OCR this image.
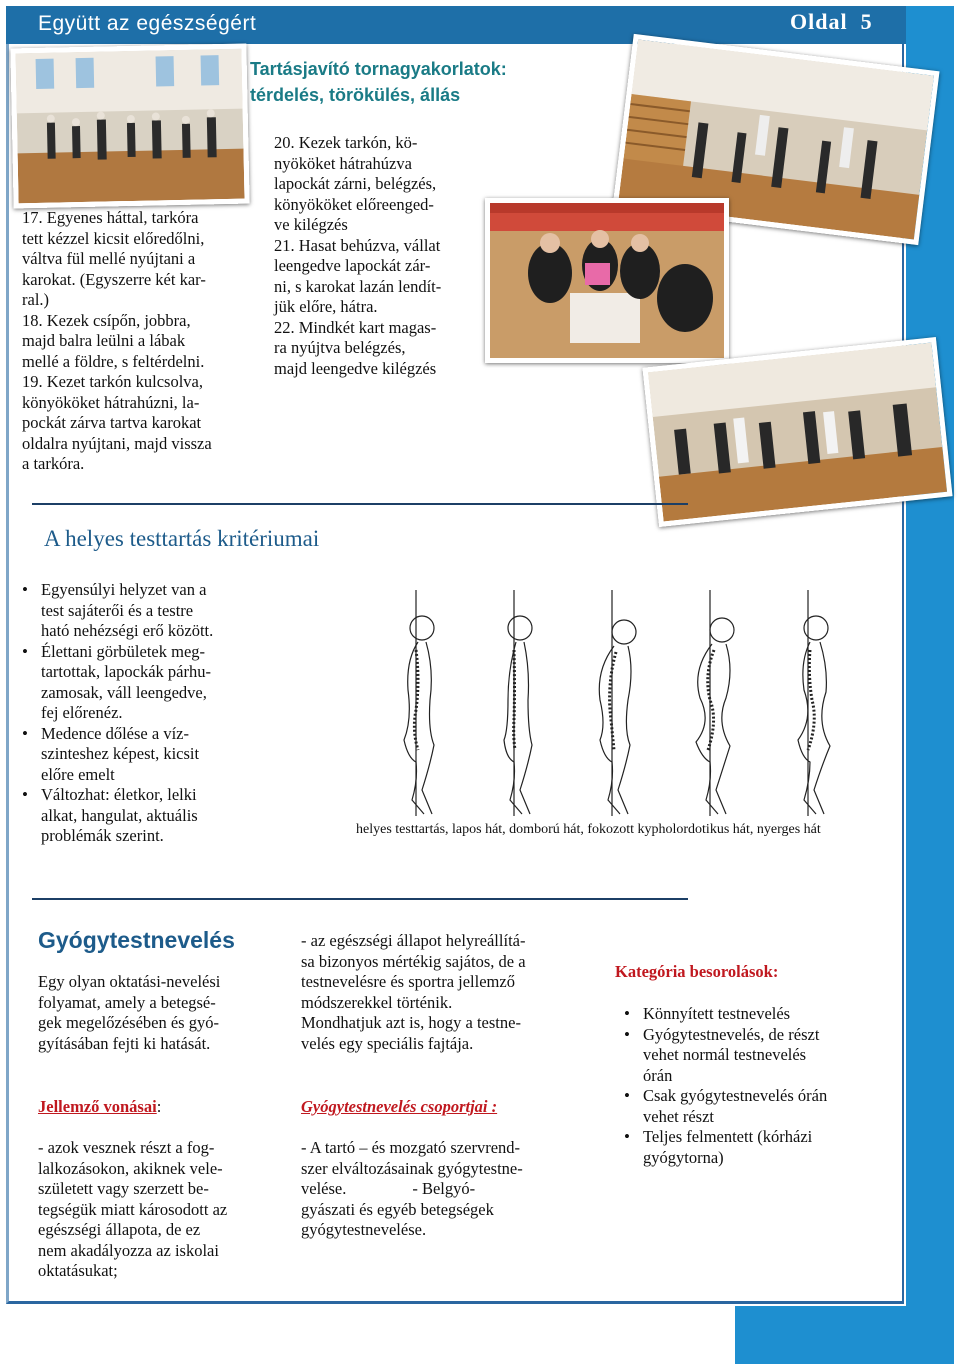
Együtt az egészségért	Oldal 5
Tartásjavító tornagyakorlatok:
térdelés, törökülés, állás

17. Egyenes háttal, tarkóra

tett kézzel kicsit előredőlni,

váltva fül mellé nyújtani a

karokat. (Egyszerre két kar-

ral.)

18. Kezek csípőn, jobbra,

majd balra leülni a lábak

mellé a földre, s feltérdelni.

19. Kezet tarkón kulcsolva,

könyököket hátrahúzni, la-

pockát zárva tartva karokat

oldalra nyújtani, majd vissza

a tarkóra.

20. Kezek tarkón, kö-

nyököket hátrahúzva

lapockát zárni, belégzés,

könyököket előreenged-

ve kilégzés

21. Hasat behúzva, vállat

leengedve lapockát zár-

ni, s karokat lazán lendít-

jük előre, hátra.

22. Mindkét kart magas-

ra nyújtva belégzés,

majd leengedve kilégzés

A helyes testtartás kritériumai

• Egyensúlyi helyzet van a

test sajáterői és a testre

ható nehézségi erő között.

• Élettani görbületek meg-

tartottak, lapockák párhu-

zamosak, váll leengedve,

fej előrenéz.

• Medence dőlése a víz-

szinteshez képest, kicsit

előre emelt

• Változhat: életkor, lelki

alkat, hangulat, aktuális

problémák szerint.	helyes testtartás, lapos hát, domború hát, fokozott kypholordotikus hát, nyerges hát
Gyógytestnevelés

Egy olyan oktatási-nevelési

folyamat, amely a betegsé-

gek megelőzésében és gyó-

gyításában fejti ki hatását.

Jellemző vonásai:

- azok vesznek részt a fog-

lalkozásokon, akiknek vele-

született vagy szerzett be-

tegségük miatt károsodott az

egészségi állapota, de ez

nem akadályozza az iskolai

oktatásukat;

- az egészségi állapot helyreállítá-

sa bizonyos mértékig sajátos, de a

testnevelésre és sportra jellemző

módszerekkel történik.

Mondhatjuk azt is, hogy a testne-

velés egy speciális fajtája.

Gyógytestnevelés csoportjai :

- A tartó – és mozgató szervrend-

szer elváltozásainak gyógytestne-

velése.                - Belgyó-

gyászati és egyéb betegségek

gyógytestnevelése.

Kategória besorolások:

• Könnyített testnevelés

• Gyógytestnevelés, de részt

vehet normál testnevelés

órán

• Csak gyógytestnevelés órán

vehet részt

• Teljes felmentett (kórházi

gyógytorna)
